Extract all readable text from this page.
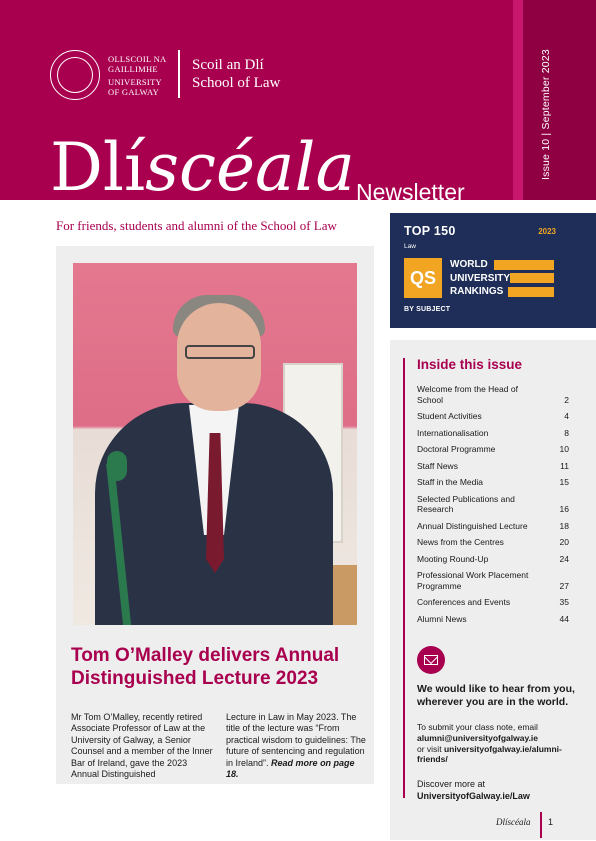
Issue 10 | September 2023
OLLSCOIL NA
GAILLIMHE
UNIVERSITY
OF GALWAY
Scoil an Dlí
School of Law
Dlíscéala Newsletter
For friends, students and alumni of the School of Law
Tom O’Malley delivers Annual Distinguished Lecture 2023
Mr Tom O’Malley, recently retired Associate Professor of Law at the University of Galway, a Senior Counsel and a member of the Inner Bar of Ireland, gave the 2023 Annual Distinguished
Lecture in Law in May 2023. The title of the lecture was “From practical wisdom to guidelines: The future of sentencing and regulation in Ireland”. Read more on page 18.
TOP 150	2023
Law
QS
WORLD
UNIVERSITY
RANKINGS
BY SUBJECT
Inside this issue
Welcome from the Head of School	2
Student Activities	4
Internationalisation	8
Doctoral Programme	10
Staff News	11
Staff in the Media	15
Selected Publications and Research	16
Annual Distinguished Lecture	18
News from the Centres	20
Mooting Round-Up	24
Professional Work Placement Programme	27
Conferences and Events	35
Alumni News	44
We would like to hear from you, wherever you are in the world.
To submit your class note, email
alumni@universityofgalway.ie
or visit universityofgalway.ie/alumni-friends/
Discover more at
UniversityofGalway.ie/Law
Dlíscéala 1
